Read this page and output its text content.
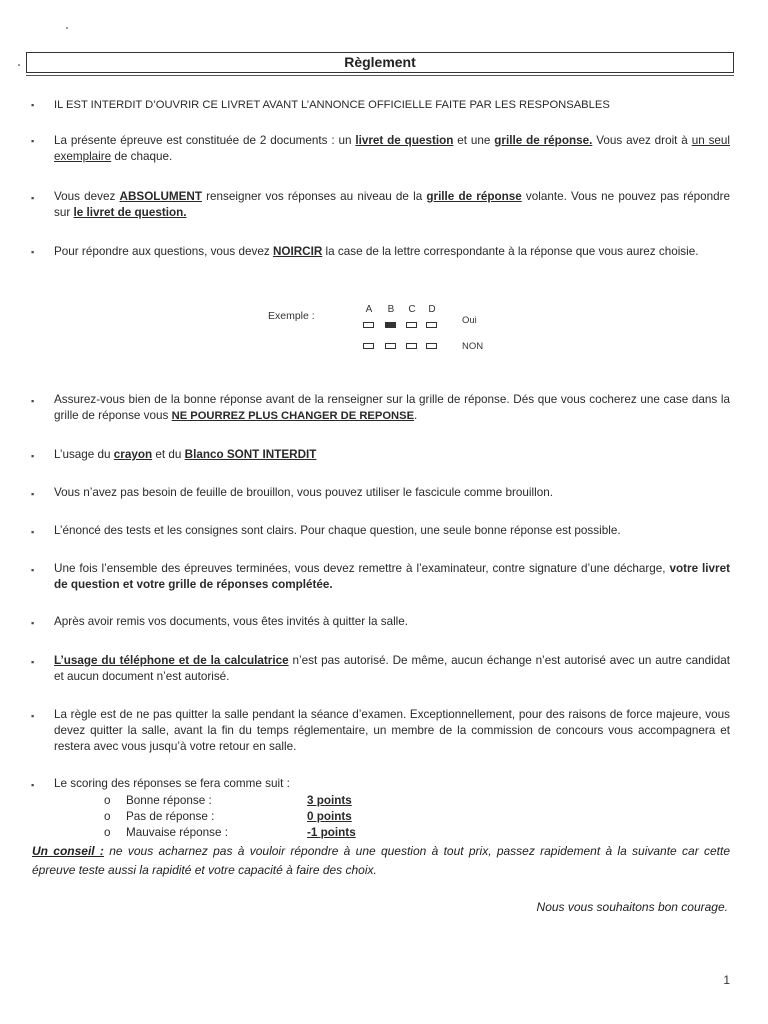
Règlement
▪
IL EST INTERDIT D’OUVRIR CE LIVRET AVANT L’ANNONCE OFFICIELLE FAITE PAR LES RESPONSABLES
▪
La présente épreuve est constituée de 2 documents : un livret de question et une grille de réponse. Vous avez droit à un seul exemplaire de chaque.
▪
Vous devez ABSOLUMENT renseigner vos réponses au niveau de la grille de réponse volante. Vous ne pouvez pas répondre sur le livret de question.
▪
Pour répondre aux questions, vous devez NOIRCIR la case de la lettre correspondante à la réponse que vous aurez choisie.
Exemple :
A	B	C	D
Oui
NON
▪
Assurez-vous bien de la bonne réponse avant de la renseigner sur la grille de réponse. Dés que vous cocherez une case dans la grille de réponse vous NE POURREZ PLUS CHANGER DE REPONSE.
▪
L’usage du crayon et du Blanco SONT INTERDIT
▪
Vous n’avez pas besoin de feuille de brouillon, vous pouvez utiliser le fascicule comme brouillon.
▪
L’énoncé des tests et les consignes sont clairs. Pour chaque question, une seule bonne réponse est possible.
▪
Une fois l’ensemble des épreuves terminées, vous devez remettre à l’examinateur, contre signature d’une décharge, votre livret de question et votre grille de réponses complétée.
▪
Après avoir remis vos documents, vous êtes invités à quitter la salle.
▪
L’usage du téléphone et de la calculatrice n’est pas autorisé. De même, aucun échange n’est autorisé avec un autre candidat et aucun document n’est autorisé.
▪
La règle est de ne pas quitter la salle pendant la séance d’examen. Exceptionnellement, pour des raisons de force majeure, vous devez quitter la salle, avant la fin du temps réglementaire, un membre de la commission de concours vous accompagnera et restera avec vous jusqu’à votre retour en salle.
▪
Le scoring des réponses se fera comme suit :
o Bonne réponse :	3 points
o Pas de réponse :	0 points
o Mauvaise réponse :	-1 points
Un conseil : ne vous acharnez pas à vouloir répondre à une question à tout prix, passez rapidement à la suivante car cette épreuve teste aussi la rapidité et votre capacité à faire des choix.
Nous vous souhaitons bon courage.
1
